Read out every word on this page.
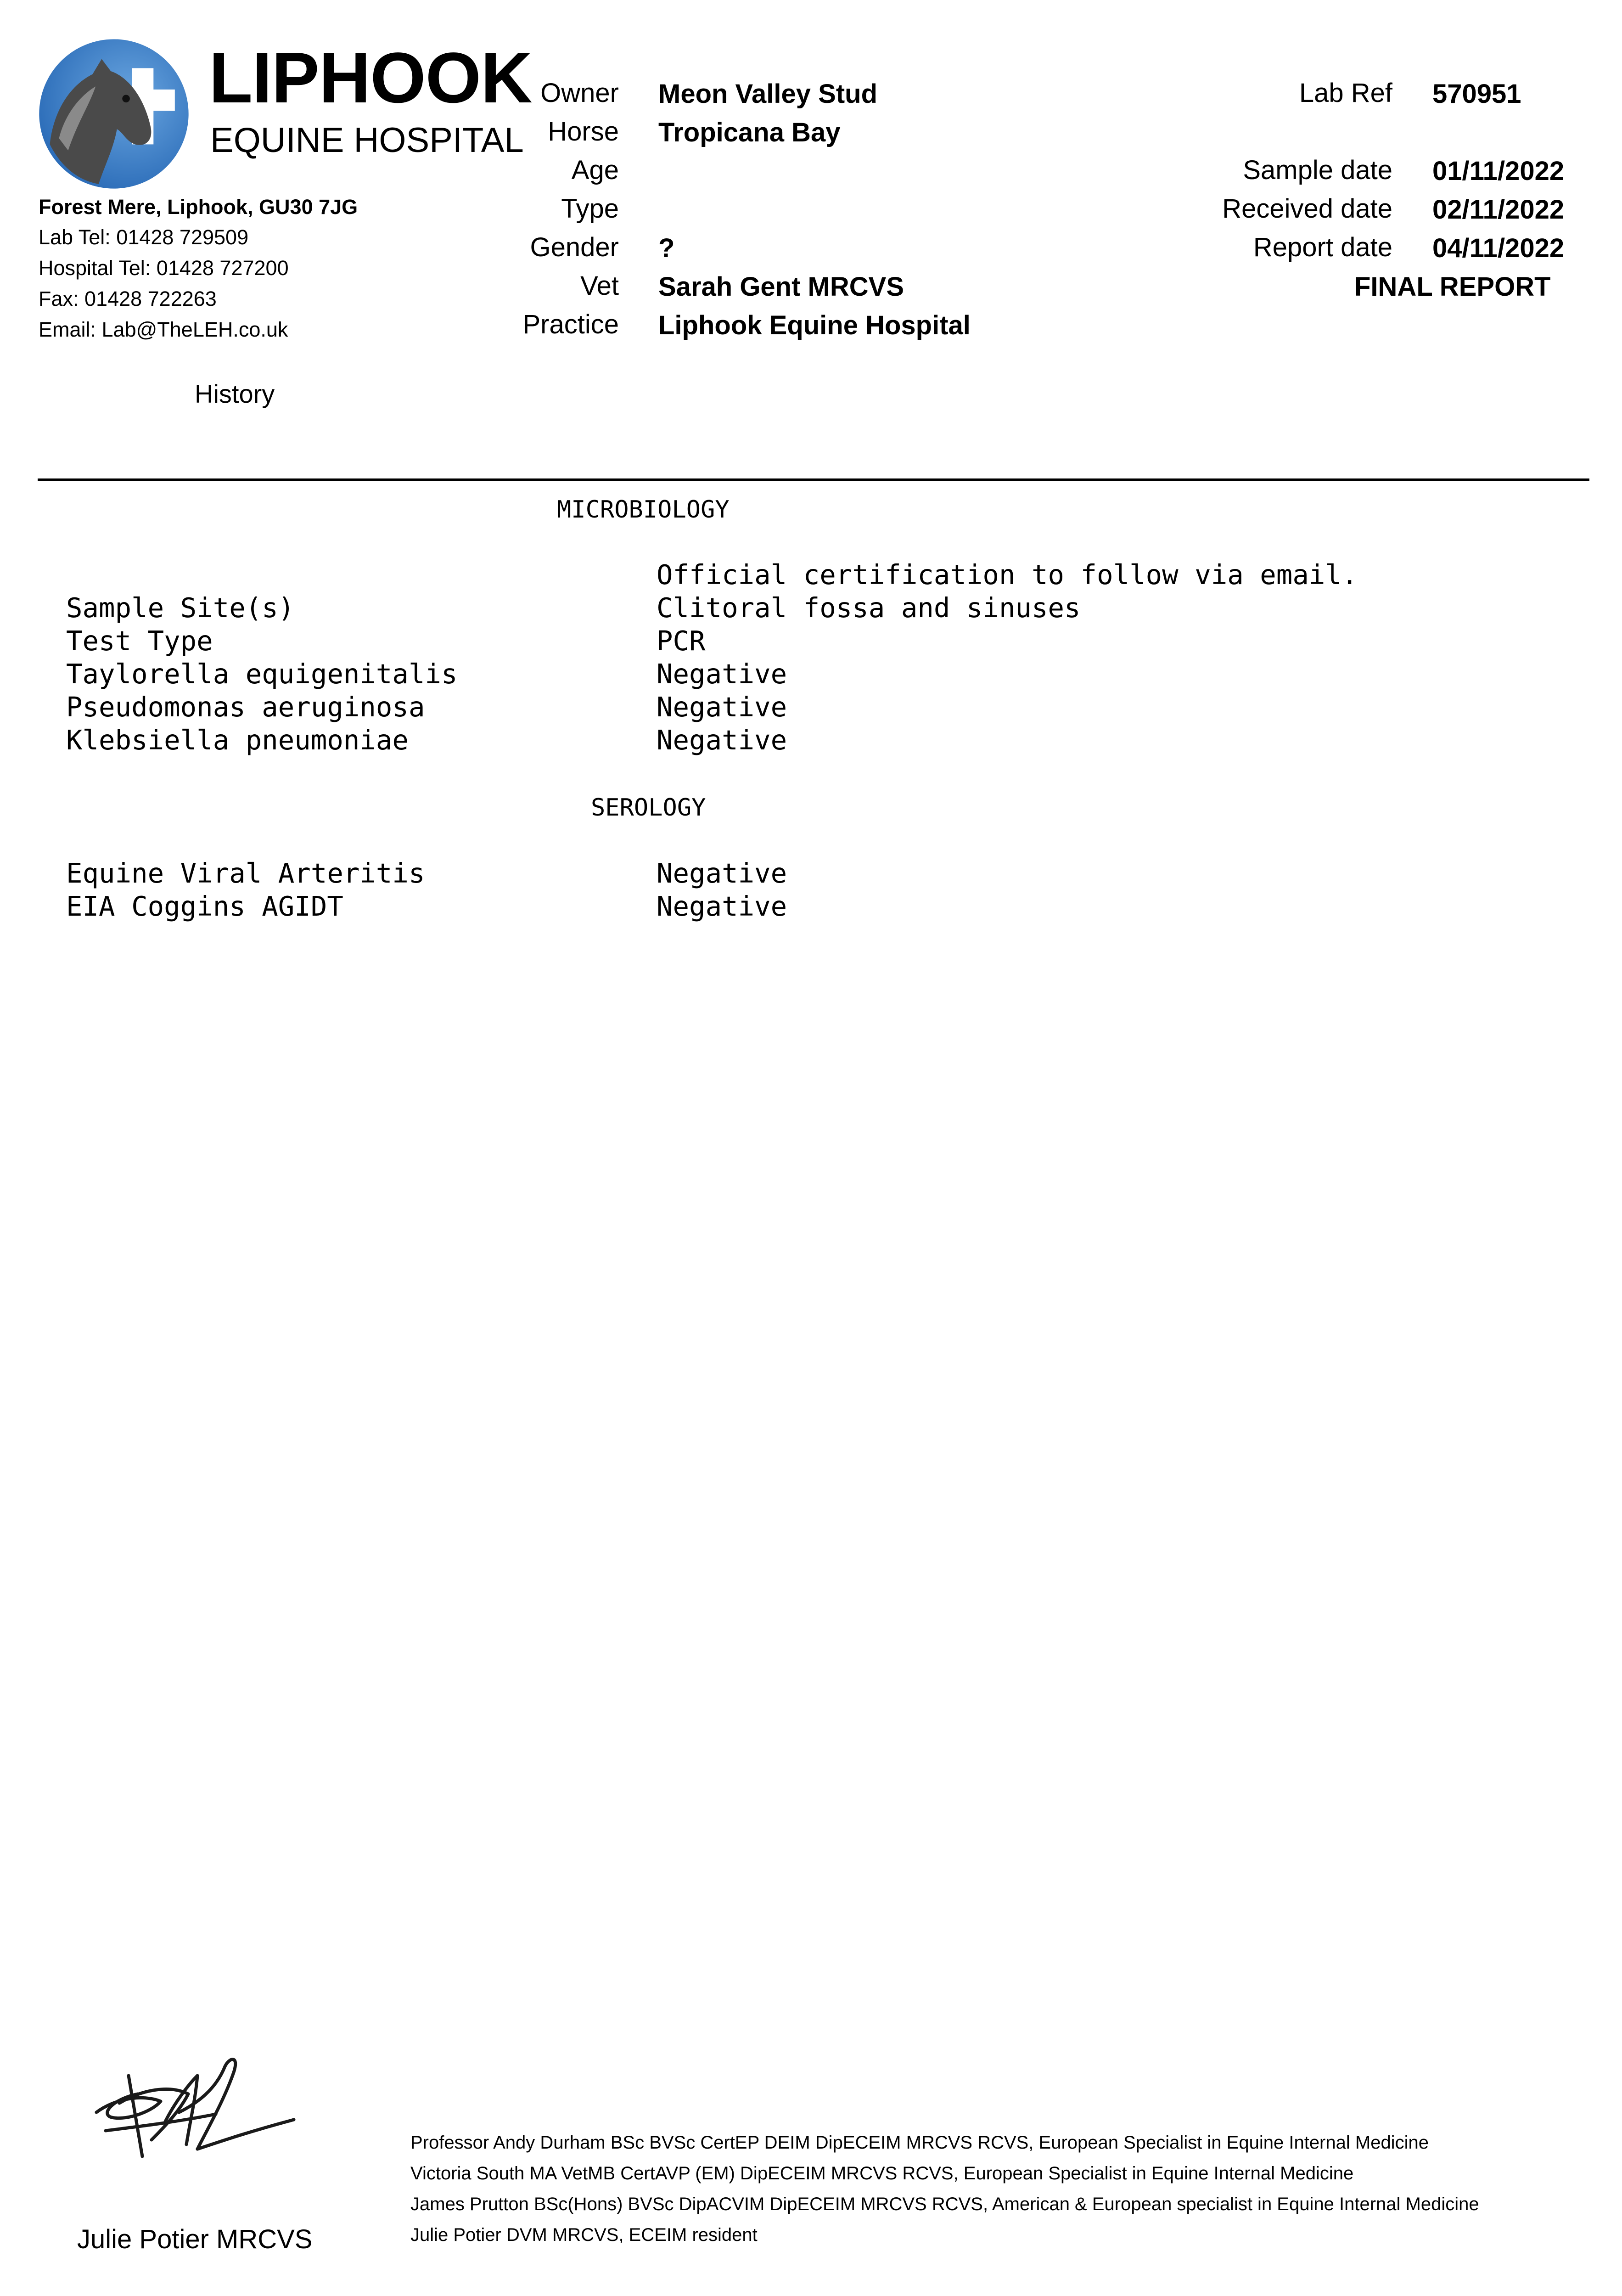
LIPHOOK
EQUINE HOSPITAL
Forest Mere, Liphook, GU30 7JG
Lab Tel: 01428 729509
Hospital Tel: 01428 727200
Fax: 01428 722263
Email: Lab@TheLEH.co.uk
History
Owner Meon Valley Stud
Horse Tropicana Bay
Age
Type
Gender ?
Vet Sarah Gent MRCVS
Practice Liphook Equine Hospital
Lab Ref 570951
Sample date 01/11/2022
Received date 02/11/2022
Report date 04/11/2022
FINAL REPORT
MICROBIOLOGY
Official certification to follow via email.
Sample Site(s)	Clitoral fossa and sinuses
Test Type	PCR
Taylorella equigenitalis	Negative
Pseudomonas aeruginosa	Negative
Klebsiella pneumoniae	Negative
SEROLOGY
Equine Viral Arteritis	Negative
EIA Coggins AGIDT	Negative
Julie Potier MRCVS
Professor Andy Durham BSc BVSc CertEP DEIM DipECEIM MRCVS RCVS, European Specialist in Equine Internal Medicine
Victoria South MA VetMB CertAVP (EM) DipECEIM MRCVS RCVS, European Specialist in Equine Internal Medicine
James Prutton BSc(Hons) BVSc DipACVIM DipECEIM MRCVS RCVS, American & European specialist in Equine Internal Medicine
Julie Potier DVM MRCVS, ECEIM resident
